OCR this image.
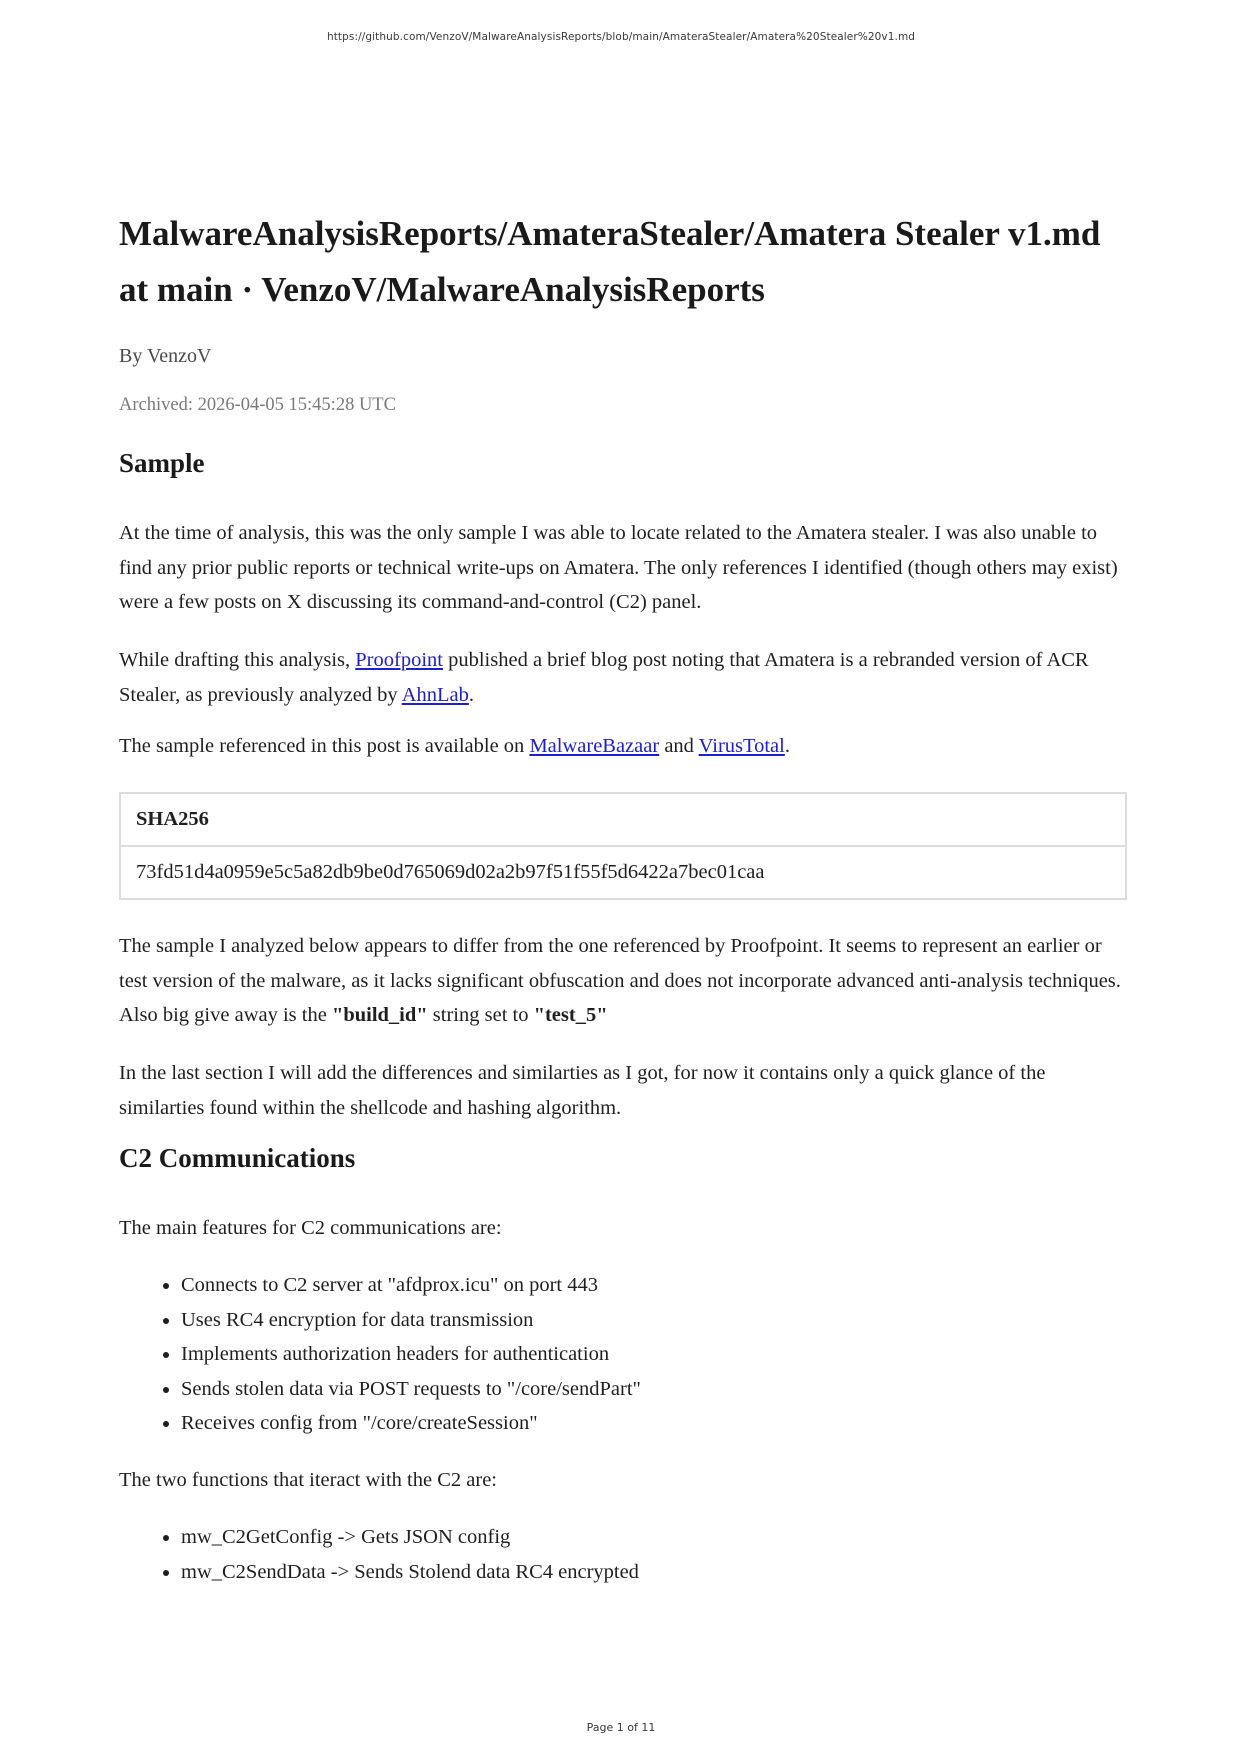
https://github.com/VenzoV/MalwareAnalysisReports/blob/main/AmateraStealer/Amatera%20Stealer%20v1.md
MalwareAnalysisReports/AmateraStealer/Amatera Stealer v1.md
at main · VenzoV/MalwareAnalysisReports
By VenzoV
Archived: 2026-04-05 15:45:28 UTC
Sample

At the time of analysis, this was the only sample I was able to locate related to the Amatera stealer. I was also unable to find any prior public reports or technical write-ups on Amatera. The only references I identified (though others may exist) were a few posts on X discussing its command-and-control (C2) panel.

While drafting this analysis, Proofpoint published a brief blog post noting that Amatera is a rebranded version of ACR Stealer, as previously analyzed by AhnLab.

The sample referenced in this post is available on MalwareBazaar and VirusTotal.

SHA256
73fd51d4a0959e5c5a82db9be0d765069d02a2b97f51f55f5d6422a7bec01caa

The sample I analyzed below appears to differ from the one referenced by Proofpoint. It seems to represent an earlier or test version of the malware, as it lacks significant obfuscation and does not incorporate advanced anti-analysis techniques. Also big give away is the "build_id" string set to "test_5"

In the last section I will add the differences and similarties as I got, for now it contains only a quick glance of the similarties found within the shellcode and hashing algorithm.

C2 Communications

The main features for C2 communications are:

• Connects to C2 server at "afdprox.icu" on port 443
• Uses RC4 encryption for data transmission
• Implements authorization headers for authentication
• Sends stolen data via POST requests to "/core/sendPart"
• Receives config from "/core/createSession"

The two functions that iteract with the C2 are:

• mw_C2GetConfig -> Gets JSON config
• mw_C2SendData -> Sends Stolend data RC4 encrypted
Page 1 of 11
